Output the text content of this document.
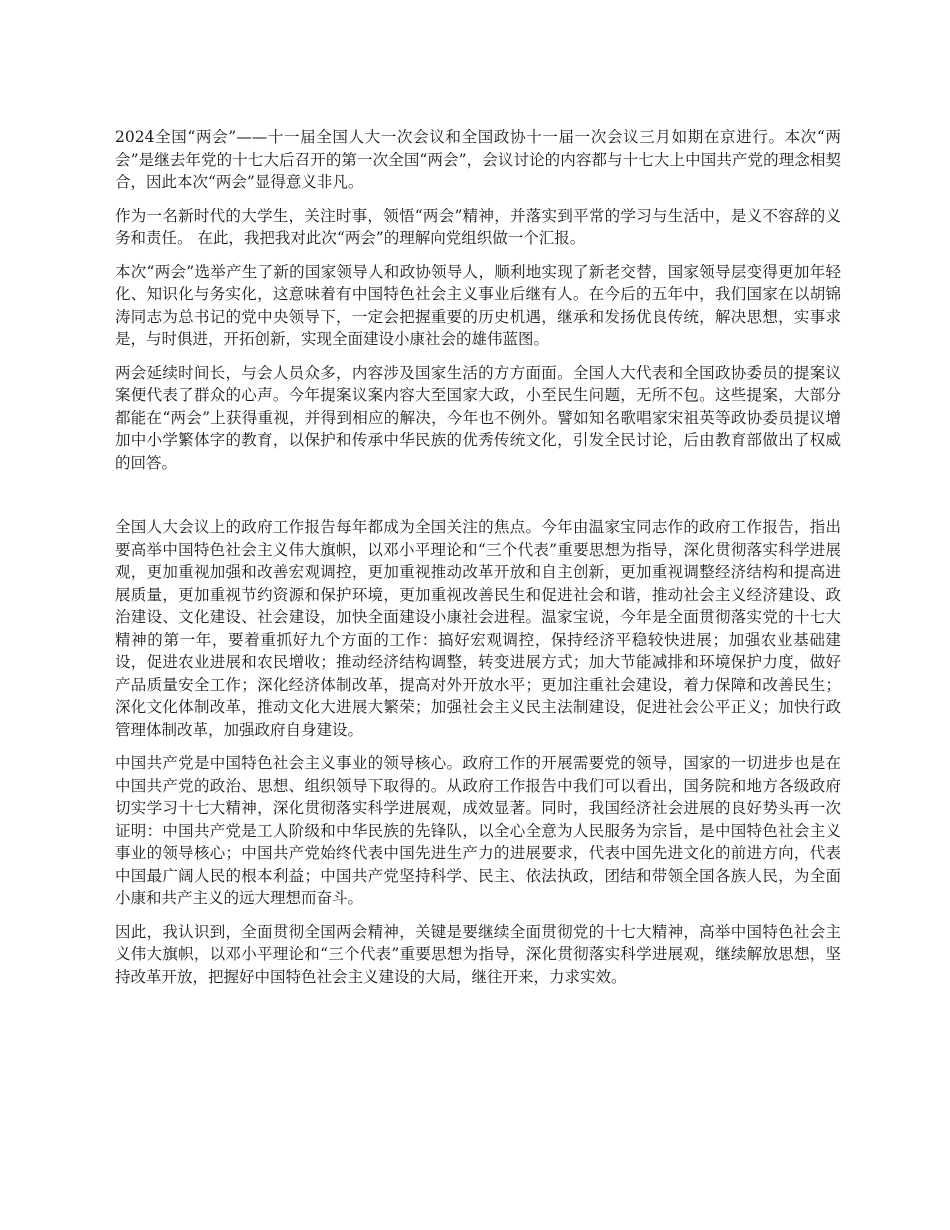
2024全国“两会”——十一届全国人大一次会议和全国政协十一届一次会议三月如期在京进行。本次“两会”是继去年党的十七大后召开的第一次全国“两会”，会议讨论的内容都与十七大上中国共产党的理念相契合，因此本次“两会”显得意义非凡。

作为一名新时代的大学生，关注时事，领悟“两会”精神，并落实到平常的学习与生活中，是义不容辞的义务和责任。 在此，我把我对此次“两会”的理解向党组织做一个汇报。

本次“两会”选举产生了新的国家领导人和政协领导人，顺利地实现了新老交替，国家领导层变得更加年轻化、知识化与务实化，这意味着有中国特色社会主义事业后继有人。在今后的五年中，我们国家在以胡锦涛同志为总书记的党中央领导下，一定会把握重要的历史机遇，继承和发扬优良传统，解决思想，实事求是，与时俱进，开拓创新，实现全面建设小康社会的雄伟蓝图。

两会延续时间长，与会人员众多，内容涉及国家生活的方方面面。全国人大代表和全国政协委员的提案议案便代表了群众的心声。今年提案议案内容大至国家大政，小至民生问题，无所不包。这些提案，大部分都能在“两会”上获得重视，并得到相应的解决，今年也不例外。譬如知名歌唱家宋祖英等政协委员提议增加中小学繁体字的教育，以保护和传承中华民族的优秀传统文化，引发全民讨论，后由教育部做出了权威的回答。

全国人大会议上的政府工作报告每年都成为全国关注的焦点。今年由温家宝同志作的政府工作报告，指出要高举中国特色社会主义伟大旗帜，以邓小平理论和“三个代表”重要思想为指导，深化贯彻落实科学进展观，更加重视加强和改善宏观调控，更加重视推动改革开放和自主创新，更加重视调整经济结构和提高进展质量，更加重视节约资源和保护环境，更加重视改善民生和促进社会和谐，推动社会主义经济建设、政治建设、文化建设、社会建设，加快全面建设小康社会进程。温家宝说，今年是全面贯彻落实党的十七大精神的第一年，要着重抓好九个方面的工作：搞好宏观调控，保持经济平稳较快进展；加强农业基础建设，促进农业进展和农民增收；推动经济结构调整，转变进展方式；加大节能减排和环境保护力度，做好产品质量安全工作；深化经济体制改革，提高对外开放水平；更加注重社会建设，着力保障和改善民生；深化文化体制改革，推动文化大进展大繁荣；加强社会主义民主法制建设，促进社会公平正义；加快行政管理体制改革，加强政府自身建设。

中国共产党是中国特色社会主义事业的领导核心。政府工作的开展需要党的领导，国家的一切进步也是在中国共产党的政治、思想、组织领导下取得的。从政府工作报告中我们可以看出，国务院和地方各级政府切实学习十七大精神，深化贯彻落实科学进展观，成效显著。同时，我国经济社会进展的良好势头再一次证明：中国共产党是工人阶级和中华民族的先锋队，以全心全意为人民服务为宗旨，是中国特色社会主义事业的领导核心；中国共产党始终代表中国先进生产力的进展要求，代表中国先进文化的前进方向，代表中国最广阔人民的根本利益；中国共产党坚持科学、民主、依法执政，团结和带领全国各族人民，为全面小康和共产主义的远大理想而奋斗。

因此，我认识到，全面贯彻全国两会精神，关键是要继续全面贯彻党的十七大精神，高举中国特色社会主义伟大旗帜，以邓小平理论和“三个代表”重要思想为指导，深化贯彻落实科学进展观，继续解放思想，坚持改革开放，把握好中国特色社会主义建设的大局，继往开来，力求实效。
